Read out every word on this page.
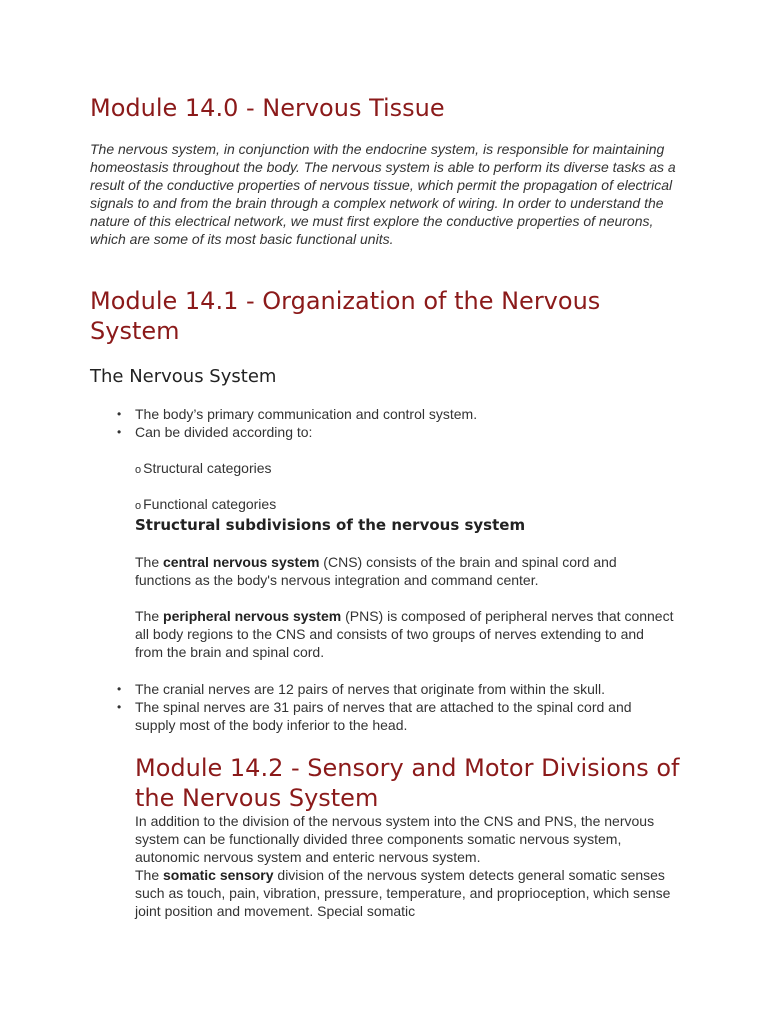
Module 14.0 - Nervous Tissue

The nervous system, in conjunction with the endocrine system, is responsible for maintaining homeostasis throughout the body. The nervous system is able to perform its diverse tasks as a result of the conductive properties of nervous tissue, which permit the propagation of electrical signals to and from the brain through a complex network of wiring. In order to understand the nature of this electrical network, we must first explore the conductive properties of neurons, which are some of its most basic functional units.

Module 14.1 - Organization of the Nervous System
The Nervous System
• The body’s primary communication and control system.
• Can be divided according to:
o Structural categories
o Functional categories
Structural subdivisions of the nervous system

The central nervous system (CNS) consists of the brain and spinal cord and functions as the body's nervous integration and command center.

The peripheral nervous system (PNS) is composed of peripheral nerves that connect all body regions to the CNS and consists of two groups of nerves extending to and from the brain and spinal cord.

• The cranial nerves are 12 pairs of nerves that originate from within the skull.
• The spinal nerves are 31 pairs of nerves that are attached to the spinal cord and supply most of the body inferior to the head.
Module 14.2 - Sensory and Motor Divisions of the Nervous System

In addition to the division of the nervous system into the CNS and PNS, the nervous system can be functionally divided three components somatic nervous system, autonomic nervous system and enteric nervous system.

The somatic sensory division of the nervous system detects general somatic senses such as touch, pain, vibration, pressure, temperature, and proprioception, which sense joint position and movement. Special somatic
